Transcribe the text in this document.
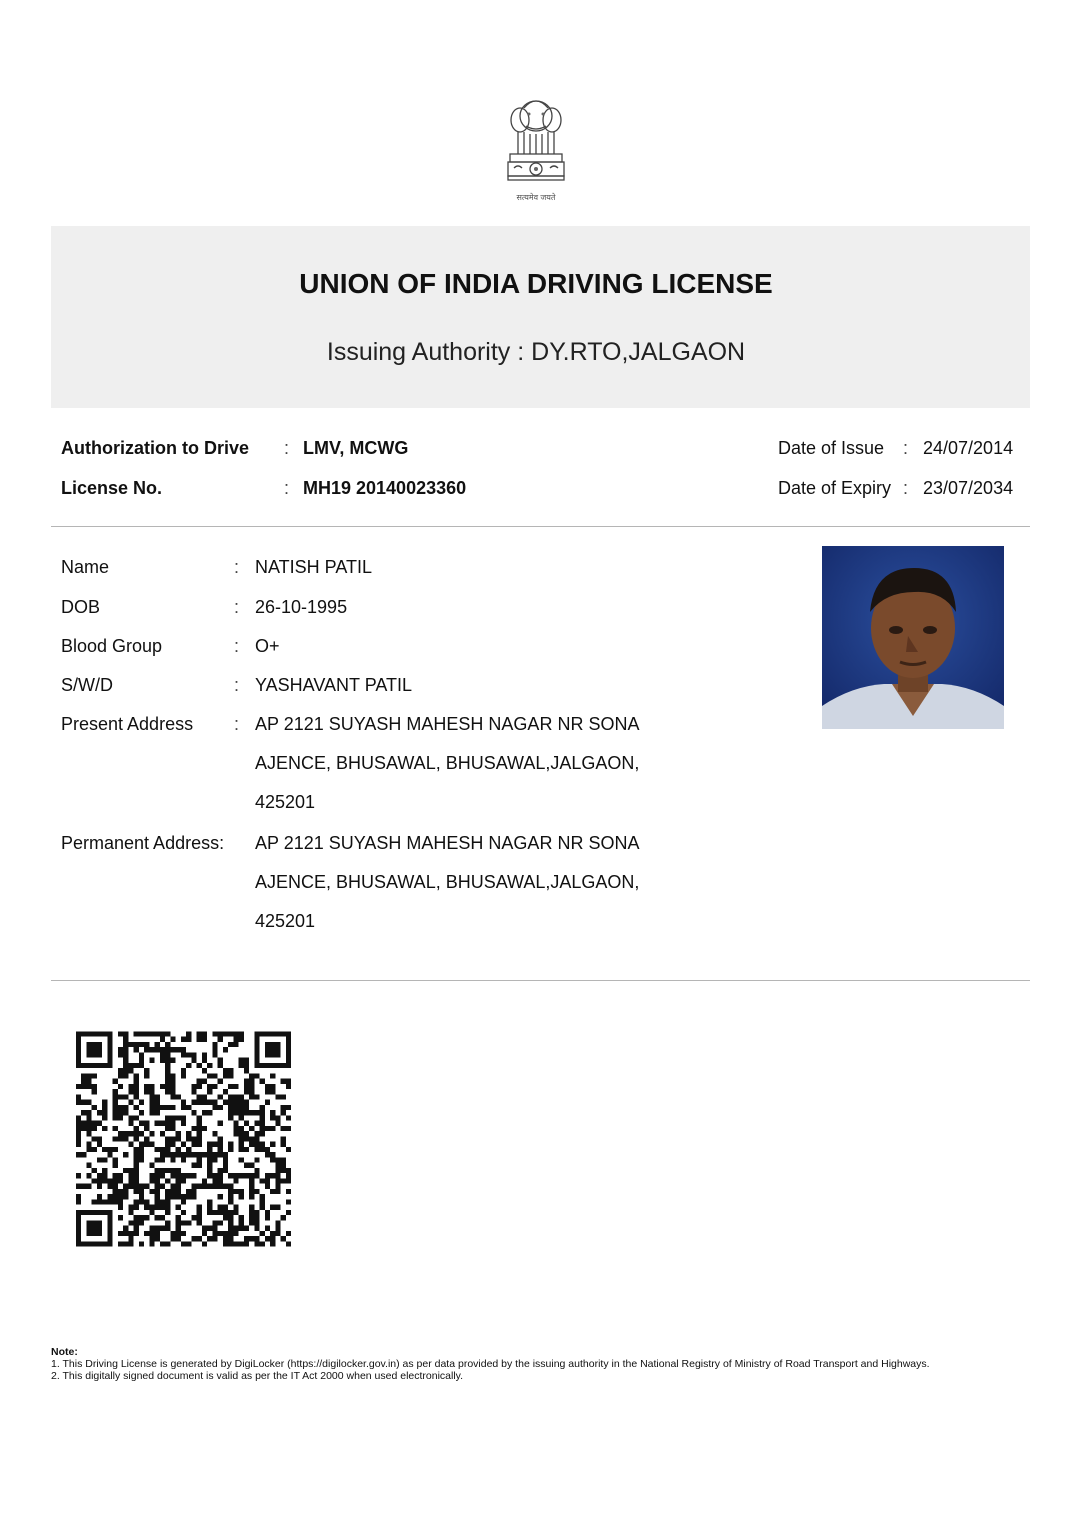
सत्यमेव जयते
UNION OF INDIA DRIVING LICENSE
Issuing Authority : DY.RTO,JALGAON
Authorization to Drive : LMV, MCWG
License No.	: MH19 20140023360
Date of Issue : 24/07/2014
Date of Expiry : 23/07/2034
Name	: NATISH PATIL
DOB	: 26-10-1995
Blood Group	: O+
S/W/D	: YASHAVANT PATIL
Present Address : AP 2121 SUYASH MAHESH NAGAR NR SONA
AJENCE, BHUSAWAL, BHUSAWAL,JALGAON,
425201
Permanent Address: AP 2121 SUYASH MAHESH NAGAR NR SONA
AJENCE, BHUSAWAL, BHUSAWAL,JALGAON,
425201

Note:

1. This Driving License is generated by DigiLocker (https://digilocker.gov.in) as per data provided by the issuing authority in the National Registry of Ministry of Road Transport and Highways.

2. This digitally signed document is valid as per the IT Act 2000 when used electronically.
